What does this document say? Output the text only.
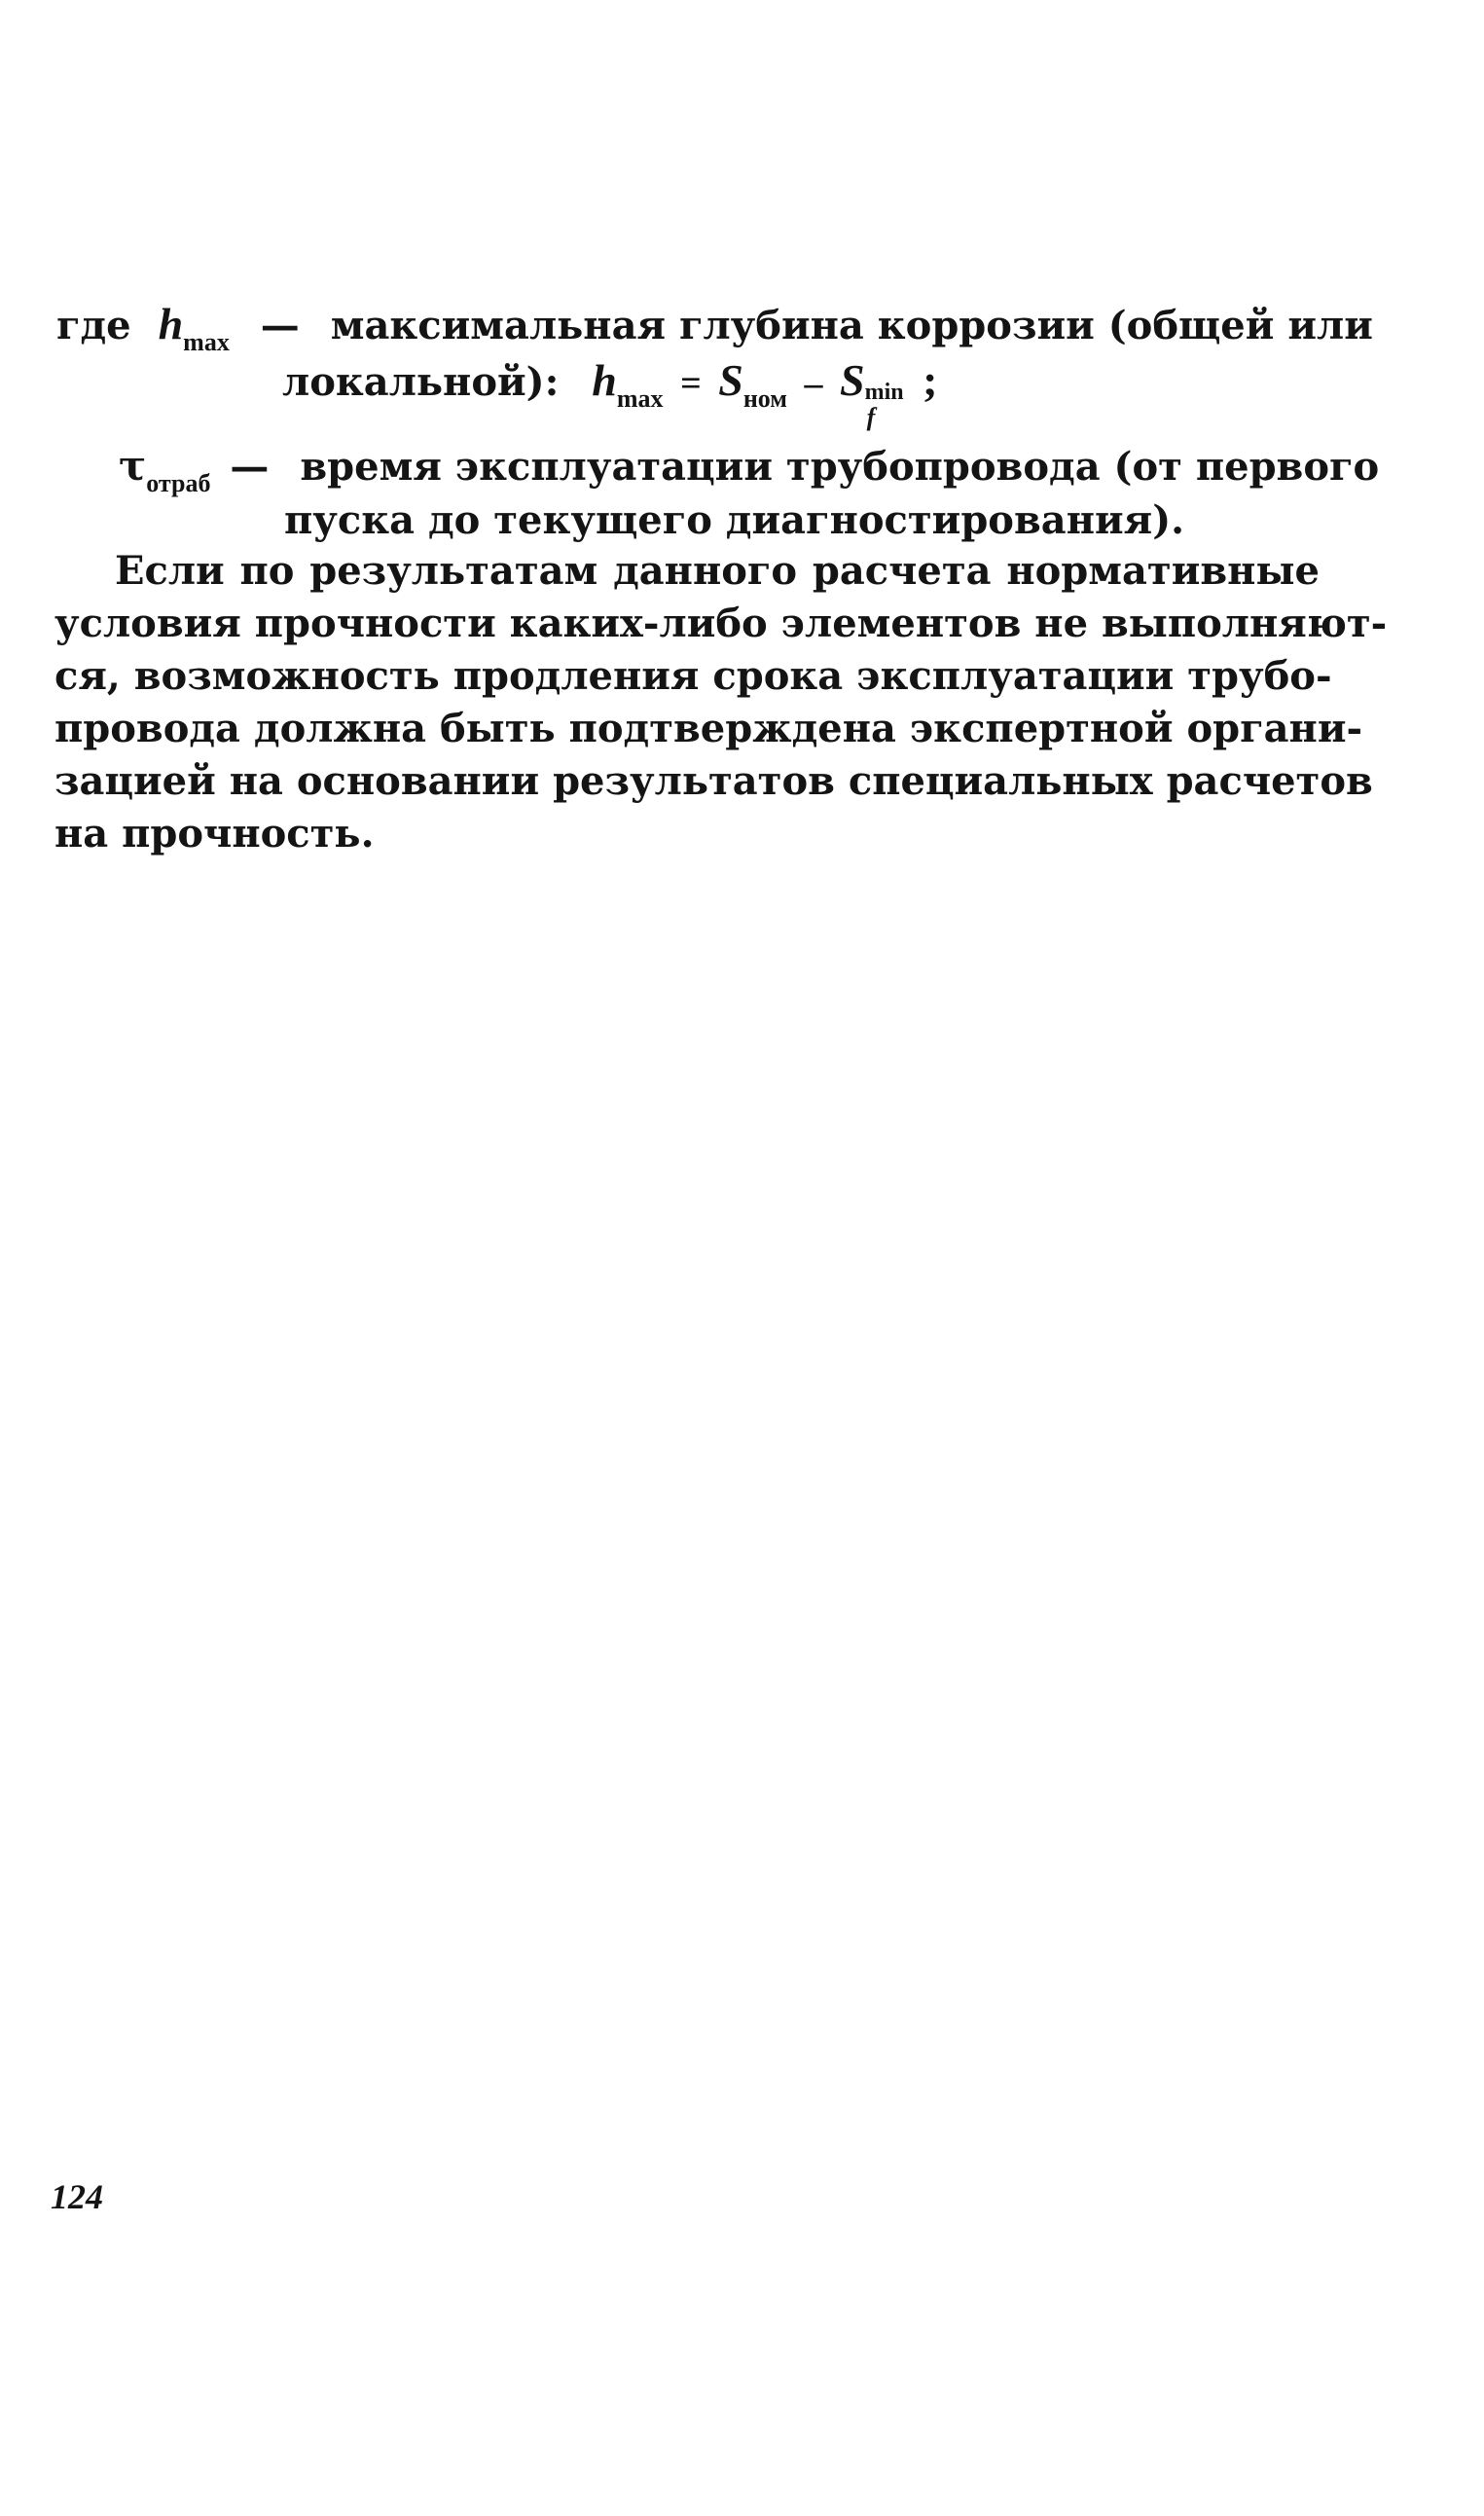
где $h_{max}$ — максимальная глубина коррозии (общей или
локальной): $h_{max} = S_{ном} - S$ min
f
;
$\tau_{отраб}$ — время эксплуатации трубопровода (от первого
пуска до текущего диагностирования).
Если по результатам данного расчета нормативные
условия прочности каких-либо элементов не выполняют-
ся, возможность продления срока эксплуатации трубо-
провода должна быть подтверждена экспертной органи-
зацией на основании результатов специальных расчетов
на прочность.
124
